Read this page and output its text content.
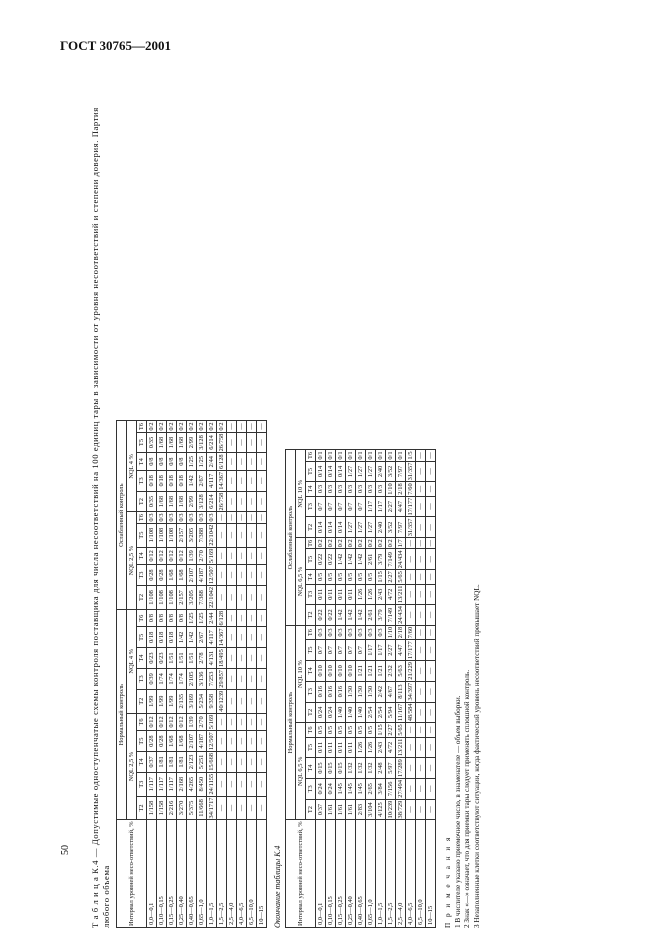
ГОСТ 30765—2001
50 Т а б л и ц а К.4 — Допустимые одноступенчатые схемы контроля поставщика для числа несоответствий на 100 единиц тары в зависимости от уровня несоответствий и степени доверия. Партия любого объема	Интервал уровней несо-ответствий, %	Нормальный контроль										Ослабленный контроль									
	NQL 2,5 %					NQL 4 %					NQL 2,5 %					NQL 4 %				
	Т2	Т3	Т4	Т5	Т6	Т2	Т3	Т4	Т5	Т6	Т2	Т3	Т4	Т5	Т6	Т2	Т3	Т4	Т5	Т6
0,0—0,1	1/158	1/117	0/37	0/28	0/12	1/99	0/39	0/23	0/18	0/8	1/108	0/28	0/12	1/108	0/3	0/35	0/18	0/8	0/35	0/2
0,10—0,15	1/158	1/117	1/81	0/28	0/12	1/99	1/74	0/23	0/18	0/8	1/108	0/28	0/12	1/108	0/3	1/68	0/18	0/8	1/68	0/2
0,15—0,25	2/216	1/117	1/81	1/68	0/12	1/99	1/74	1/51	0/18	0/8	1/108	1/68	0/12	1/108	0/3	1/68	0/18	0/8	1/68	0/2
0,25—0,40	3/270	2/168	1/81	1/68	0/12	2/135	1/74	1/51	1/42	0/8	2/157	1/68	0/12	2/157	0/3	1/68	0/18	0/8	1/68	0/2
0,40—0,65	5/375	4/265	2/123	2/107	1/39	3/169	2/105	1/51	1/42	1/25	3/205	2/107	1/39	3/205	0/3	2/99	1/42	1/25	2/99	0/2
0,65—1,0	11/668	8/450	5/251	4/187	2/70	5/234	3/136	2/78	2/67	1/25	7/388	4/187	2/70	7/388	0/3	3/128	2/67	1/25	3/128	0/2
1,0—1,5	34/1717	24/1155	15/668	12/507	5/169	9/358	7/253	4/131	4/117	2/44	22/1042	12/507	5/169	22/1042	0/3	6/214	4/117	2/44	6/214	0/2
1,5—2,5	—	—	—	—	—	40/1239	29/857	18/495	14/367	6/128	—	—	—	—	—	26/758	14/367	6/128	26/758	0/2
2,5—4,0	—	—	—	—	—	—	—	—	—	—	—	—	—	—	—	—	—	—	—	—
4,0—6,5	—	—	—	—	—	—	—	—	—	—	—	—	—	—	—	—	—	—	—	—
6,5—10,0	—	—	—	—	—	—	—	—	—	—	—	—	—	—	—	—	—	—	—	—
10—15	—	—	—	—	—	—	—	—	—	—	—	—	—	—	—	—	—	—	—	—

Окончание таблицы К.4 Интервал уровней несо-ответствий, %	Нормальный контроль										Ослабленный контроль									
	NQL 6,5 %					NQL 10 %					NQL 6,5 %					NQL 10 %				
	Т2	Т3	Т4	Т5	Т6	Т2	Т3	Т4	Т5	Т6	Т2	Т3	Т4	Т5	Т6	Т2	Т3	Т4	Т5	Т6
0,0—0,1	0/37	0/24	0/15	0/11	0/5	0/24	0/16	0/10	0/7	0/3	0/22	0/11	0/5	0/22	0/2	0/14	0/7	0/3	0/14	0/1
0,10—0,15	1/61	0/24	0/15	0/11	0/5	0/24	0/16	0/10	0/7	0/3	0/22	0/11	0/5	0/22	0/2	0/14	0/7	0/3	0/14	0/1
0,15—0,25	1/61	1/45	0/15	0/11	0/5	1/40	0/16	0/10	0/7	0/3	1/42	0/11	0/5	1/42	0/2	0/14	0/7	0/3	0/14	0/1
0,25—0,40	1/61	1/45	1/32	0/11	0/5	1/40	1/30	0/10	0/7	0/3	1/42	0/11	0/5	1/42	0/2	1/27	0/7	0/3	1/27	0/1
0,40—0,65	2/83	1/45	1/32	1/26	0/5	1/40	1/30	1/21	0/7	0/3	1/42	1/26	0/5	1/42	0/2	1/27	0/7	0/3	1/27	0/1
0,65—1,0	3/104	2/65	1/32	1/26	0/5	2/54	1/30	1/21	1/17	0/3	2/61	1/26	0/5	2/61	0/2	1/27	1/17	0/3	1/27	0/1
1,0—1,5	4/125	3/84	2/48	2/43	1/15	2/54	2/42	1/21	1/17	0/3	3/79	2/43	1/15	3/79	0/2	2/40	1/17	0/3	2/40	0/1
1,5—2,5	10/239	7/156	5/97	4/72	2/27	5/94	4/67	2/32	2/27	1/10	7/149	4/72	2/27	7/149	0/2	3/52	2/27	1/10	3/52	0/1
2,5—4,0	38/729	27/494	17/289	13/211	5/65	11/167	8/113	5/63	4/47	2/18	24/434	13/211	5/65	24/434	1/7	7/97	4/47	2/18	7/97	0/1
4,0—6,5	—	—	—	—	—	48/584	34/397	21/229	17/177	7/60	—	—	—	—	—	31/357	17/177	7/60	31/357	1/5
6,5—10,0	—	—	—	—	—	—	—	—	—	—	—	—	—	—	—	—	—	—	—	—
10—15	—	—	—	—	—	—	—	—	—	—	—	—	—	—	—	—	—	—	—	—
П р и м е ч а н и я 1 В числителе указано приемочное число, в знаменателе — объем выборки. 2 Знак «—» означает, что для приемки тары следует применять сплошной контроль. 3 Незаполненные клетки соответствуют ситуации, когда фактический уровень несоответствий превышает NQL.
